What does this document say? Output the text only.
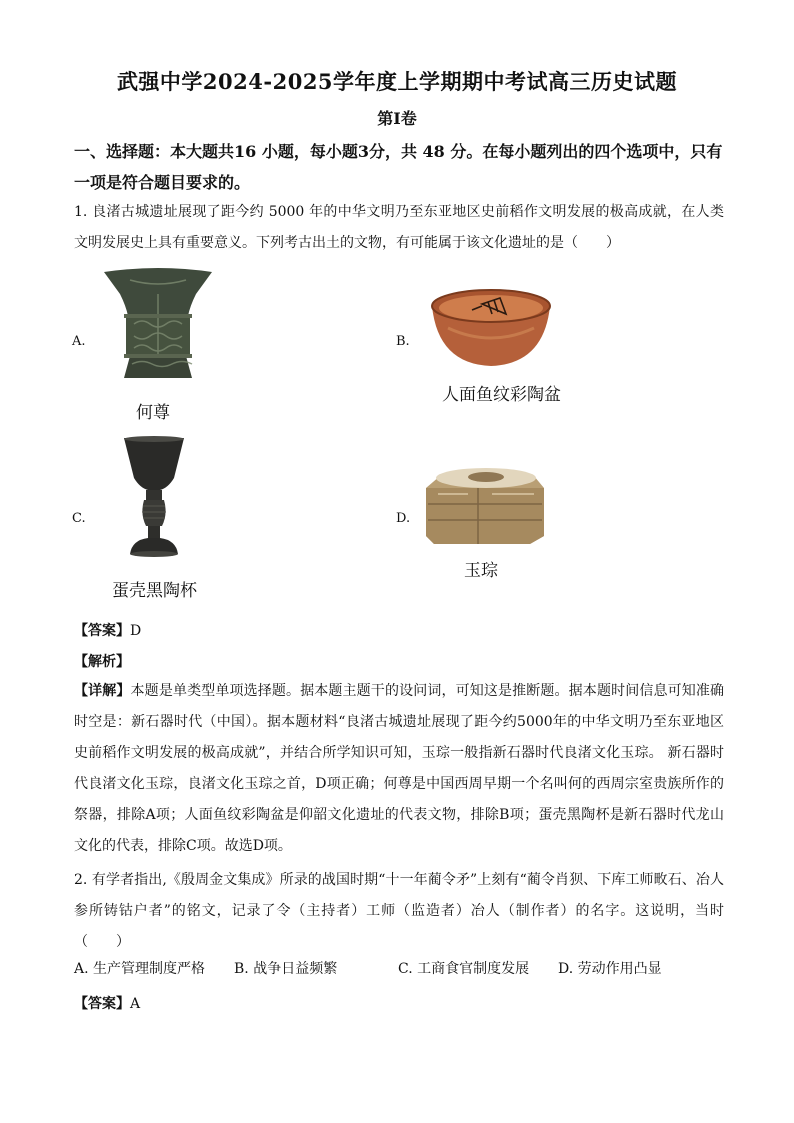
武强中学2024-2025学年度上学期期中考试高三历史试题
第Ⅰ卷
一、选择题：本大题共16 小题，每小题3分，共 48 分。在每小题列出的四个选项中，只有一项是符合题目要求的。
1. 良渚古城遗址展现了距今约 5000 年的中华文明乃至东亚地区史前稻作文明发展的极高成就，在人类文明发展史上具有重要意义。下列考古出土的文物，有可能属于该文化遗址的是（　　）
A.
何尊
B.
人面鱼纹彩陶盆
C.
蛋壳黑陶杯
D.
玉琮
【答案】D
【解析】
【详解】本题是单类型单项选择题。据本题主题干的设问词，可知这是推断题。据本题时间信息可知准确时空是：新石器时代（中国）。据本题材料“良渚古城遗址展现了距今约5000年的中华文明乃至东亚地区史前稻作文明发展的极高成就”，并结合所学知识可知，玉琮一般指新石器时代良渚文化玉琮。 新石器时代良渚文化玉琮，良渚文化玉琮之首，D项正确；何尊是中国西周早期一个名叫何的西周宗室贵族所作的祭器，排除A项；人面鱼纹彩陶盆是仰韶文化遗址的代表文物，排除B项；蛋壳黑陶杯是新石器时代龙山文化的代表，排除C项。故选D项。
2. 有学者指出,《殷周金文集成》所录的战国时期“十一年蔺令矛”上刻有“蔺令肖狈、下库工师畋石、冶人参所铸钴户者”的铭文，记录了令（主持者）工师（监造者）冶人（制作者）的名字。这说明，当时（　　）
A. 生产管理制度严格 B. 战争日益频繁	C. 工商食官制度发展 D. 劳动作用凸显
【答案】A
